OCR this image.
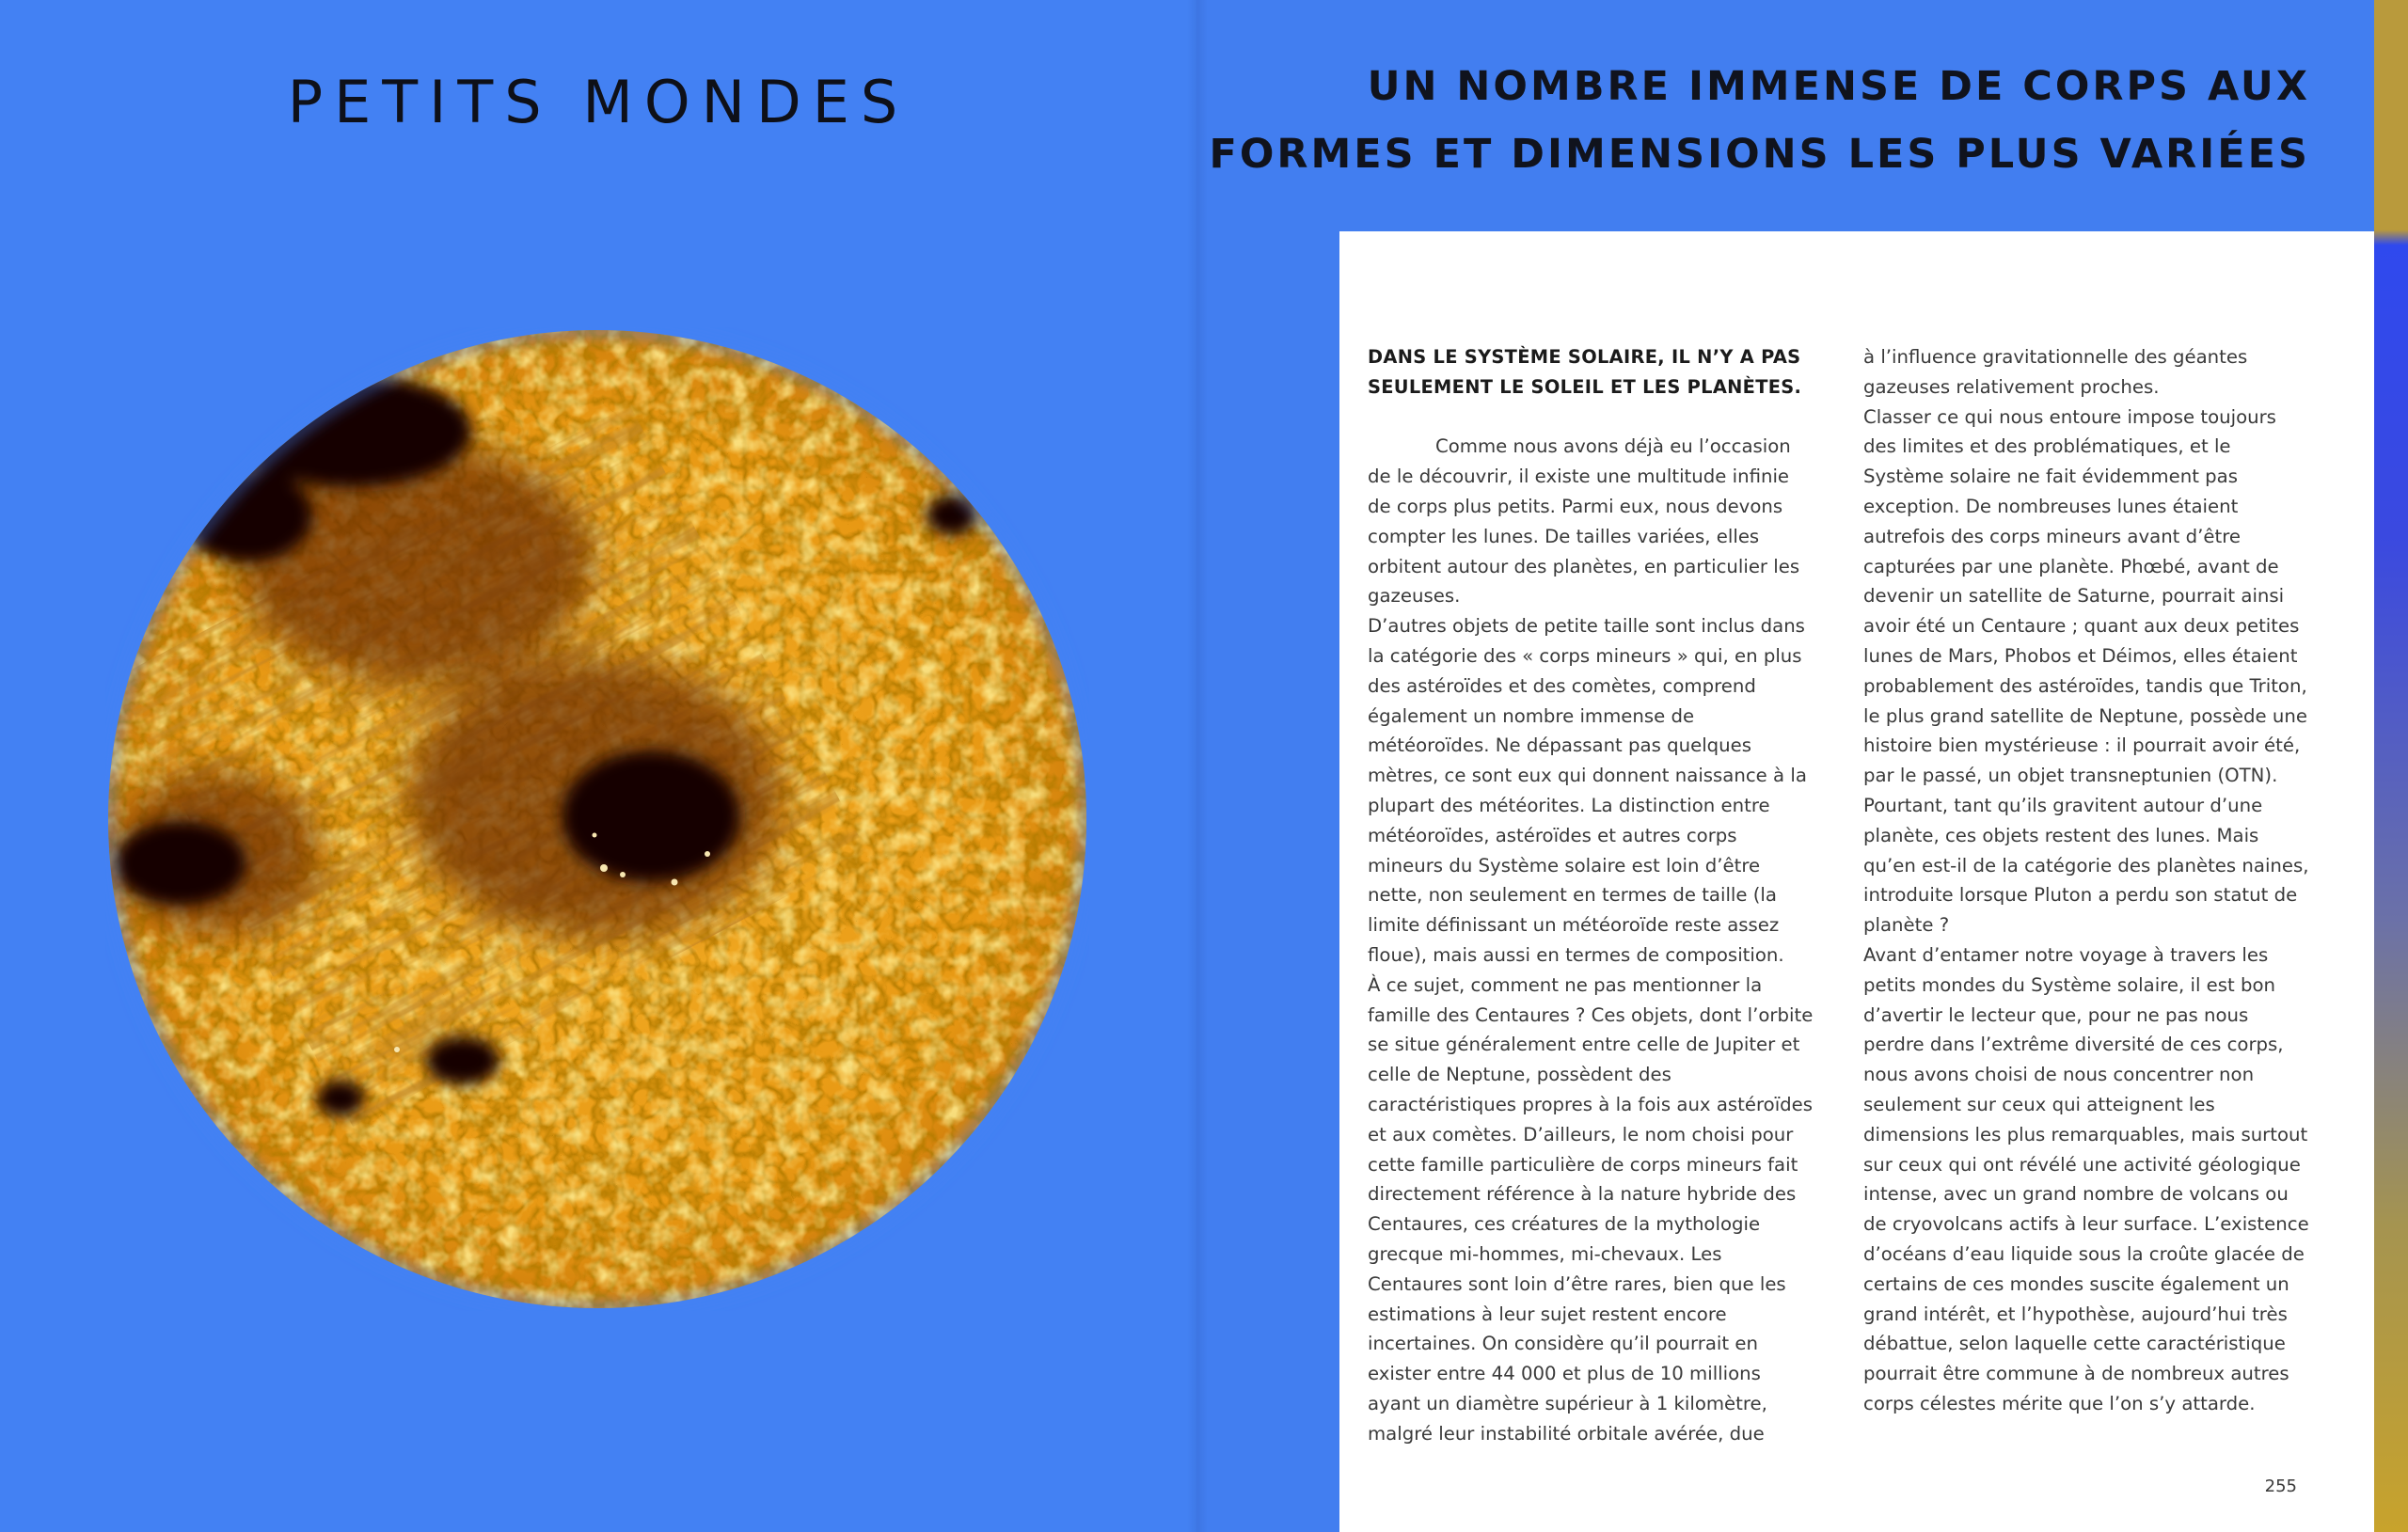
PETITS MONDES	UN NOMBRE IMMENSE DE CORPS AUX
FORMES ET DIMENSIONS LES PLUS VARIÉES

DANS LE SYSTÈME SOLAIRE, IL N’Y A PAS SEULEMENT LE SOLEIL ET LES PLANÈTES.

Comme nous avons déjà eu l’occasion de le découvrir, il existe une multitude infinie de corps plus petits. Parmi eux, nous devons compter les lunes. De tailles variées, elles orbitent autour des planètes, en particulier les gazeuses.

D’autres objets de petite taille sont inclus dans la catégorie des « corps mineurs » qui, en plus des astéroïdes et des comètes, comprend également un nombre immense de météoroïdes. Ne dépassant pas quelques mètres, ce sont eux qui donnent naissance à la plupart des météorites. La distinction entre météoroïdes, astéroïdes et autres corps mineurs du Système solaire est loin d’être nette, non seulement en termes de taille (la limite définissant un météoroïde reste assez floue), mais aussi en termes de composition.

À ce sujet, comment ne pas mentionner la famille des Centaures ? Ces objets, dont l’orbite se situe généralement entre celle de Jupiter et celle de Neptune, possèdent des caractéristiques propres à la fois aux astéroïdes et aux comètes. D’ailleurs, le nom choisi pour cette famille particulière de corps mineurs fait directement référence à la nature hybride des Centaures, ces créatures de la mythologie grecque mi-hommes, mi-chevaux. Les Centaures sont loin d’être rares, bien que les estimations à leur sujet restent encore incertaines. On considère qu’il pourrait en exister entre 44 000 et plus de 10 millions ayant un diamètre supérieur à 1 kilomètre, malgré leur instabilité orbitale avérée, due

à l’influence gravitationnelle des géantes gazeuses relativement proches.

Classer ce qui nous entoure impose toujours des limites et des problématiques, et le Système solaire ne fait évidemment pas exception. De nombreuses lunes étaient autrefois des corps mineurs avant d’être capturées par une planète. Phœbé, avant de devenir un satellite de Saturne, pourrait ainsi avoir été un Centaure ; quant aux deux petites lunes de Mars, Phobos et Déimos, elles étaient probablement des astéroïdes, tandis que Triton, le plus grand satellite de Neptune, possède une histoire bien mystérieuse : il pourrait avoir été, par le passé, un objet transneptunien (OTN). Pourtant, tant qu’ils gravitent autour d’une planète, ces objets restent des lunes. Mais qu’en est-il de la catégorie des planètes naines, introduite lorsque Pluton a perdu son statut de planète ?

Avant d’entamer notre voyage à travers les petits mondes du Système solaire, il est bon d’avertir le lecteur que, pour ne pas nous perdre dans l’extrême diversité de ces corps, nous avons choisi de nous concentrer non seulement sur ceux qui atteignent les dimensions les plus remarquables, mais surtout sur ceux qui ont révélé une activité géologique intense, avec un grand nombre de volcans ou de cryovolcans actifs à leur surface. L’existence d’océans d’eau liquide sous la croûte glacée de certains de ces mondes suscite également un grand intérêt, et l’hypothèse, aujourd’hui très débattue, selon laquelle cette caractéristique pourrait être commune à de nombreux autres corps célestes mérite que l’on s’y attarde.

255
